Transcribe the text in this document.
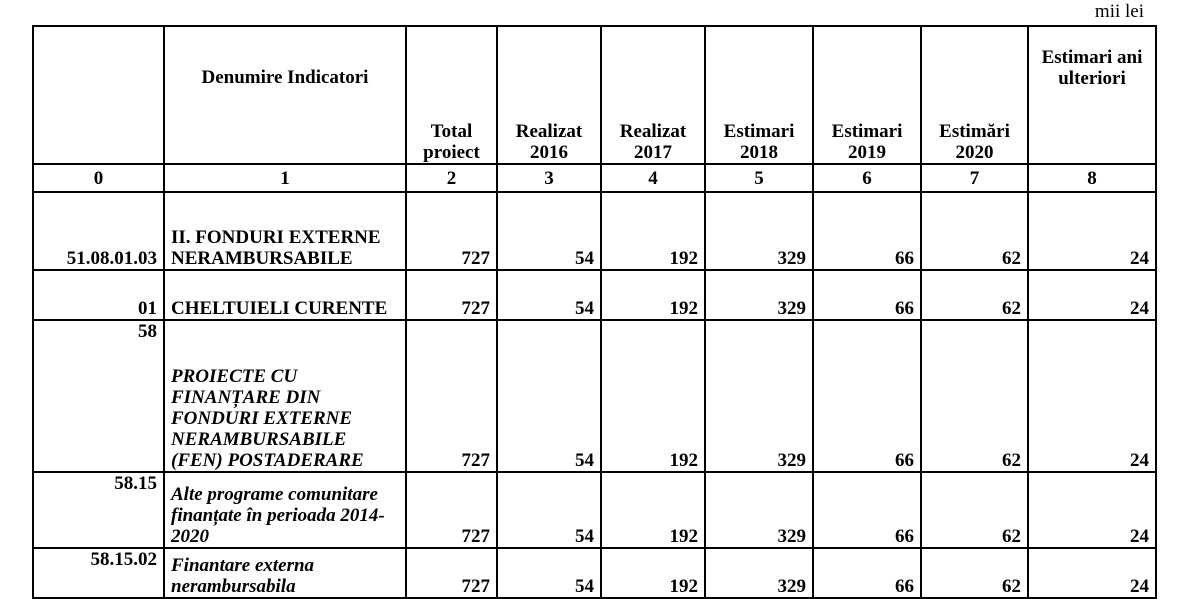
mii lei
	Denumire Indicatori	Total proiect	Realizat 2016	Realizat 2017	Estimari 2018	Estimari 2019	Estimări 2020	Estimari ani ulteriori
0	1	2	3	4	5	6	7	8
51.08.01.03	II. FONDURI EXTERNE NERAMBURSABILE	727	54	192	329	66	62	24
01	CHELTUIELI CURENTE	727	54	192	329	66	62	24
58	PROIECTE CU FINANȚARE DIN FONDURI EXTERNE NERAMBURSABILE (FEN) POSTADERARE	727	54	192	329	66	62	24
58.15	Alte programe comunitare finanțate în perioada 2014-2020	727	54	192	329	66	62	24
58.15.02	Finantare externa nerambursabila	727	54	192	329	66	62	24
